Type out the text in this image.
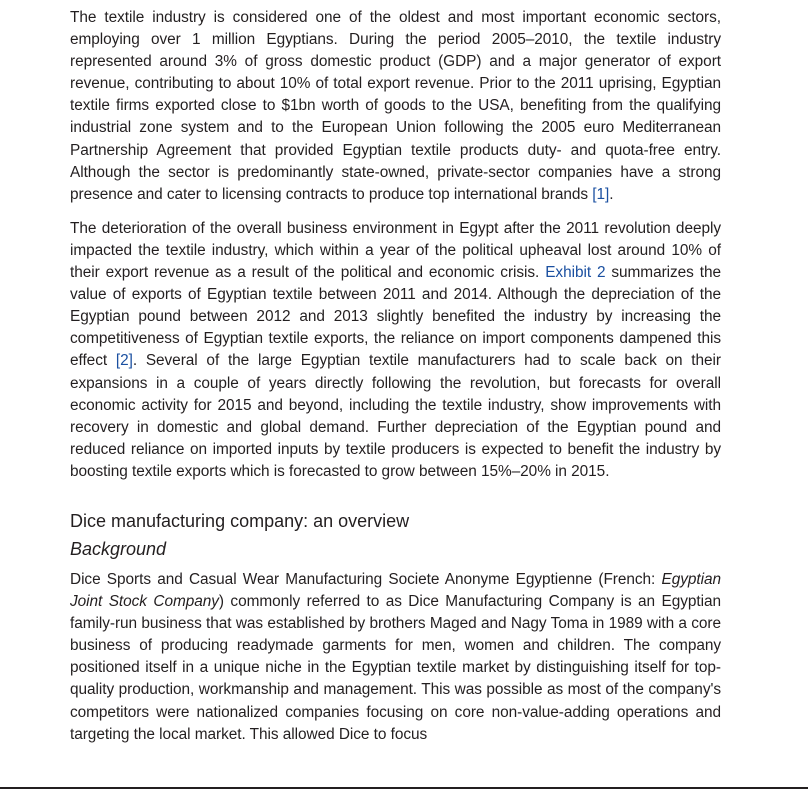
The textile industry is considered one of the oldest and most important economic sectors, employing over 1 million Egyptians. During the period 2005–2010, the textile industry represented around 3% of gross domestic product (GDP) and a major generator of export revenue, contributing to about 10% of total export revenue. Prior to the 2011 uprising, Egyptian textile firms exported close to $1bn worth of goods to the USA, benefiting from the qualifying industrial zone system and to the European Union following the 2005 euro Mediterranean Partnership Agreement that provided Egyptian textile products duty- and quota-free entry. Although the sector is predominantly state-owned, private-sector companies have a strong presence and cater to licensing contracts to produce top international brands [1].

The deterioration of the overall business environment in Egypt after the 2011 revolution deeply impacted the textile industry, which within a year of the political upheaval lost around 10% of their export revenue as a result of the political and economic crisis. Exhibit 2 summarizes the value of exports of Egyptian textile between 2011 and 2014. Although the depreciation of the Egyptian pound between 2012 and 2013 slightly benefited the industry by increasing the competitiveness of Egyptian textile exports, the reliance on import components dampened this effect [2]. Several of the large Egyptian textile manufacturers had to scale back on their expansions in a couple of years directly following the revolution, but forecasts for overall economic activity for 2015 and beyond, including the textile industry, show improvements with recovery in domestic and global demand. Further depreciation of the Egyptian pound and reduced reliance on imported inputs by textile producers is expected to benefit the industry by boosting textile exports which is forecasted to grow between 15%–20% in 2015.

Dice manufacturing company: an overview
Background

Dice Sports and Casual Wear Manufacturing Societe Anonyme Egyptienne (French: Egyptian Joint Stock Company) commonly referred to as Dice Manufacturing Company is an Egyptian family-run business that was established by brothers Maged and Nagy Toma in 1989 with a core business of producing readymade garments for men, women and children. The company positioned itself in a unique niche in the Egyptian textile market by distinguishing itself for top-quality production, workmanship and management. This was possible as most of the company's competitors were nationalized companies focusing on core non-value-adding operations and targeting the local market. This allowed Dice to focus
